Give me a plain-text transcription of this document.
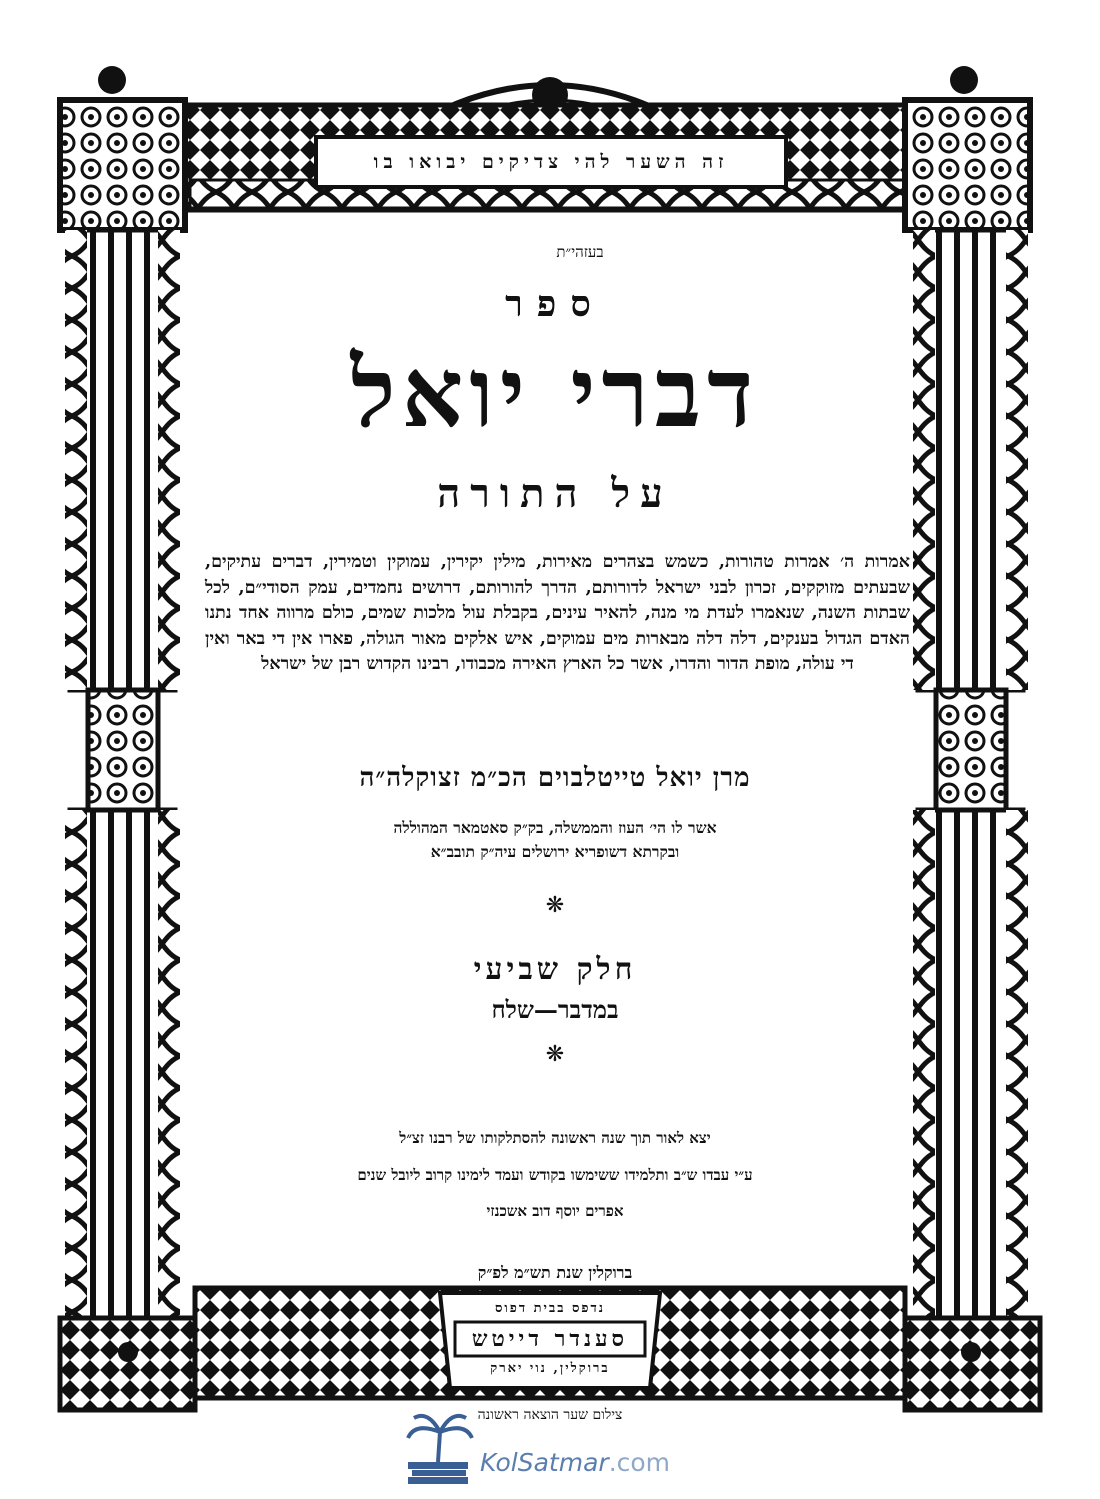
זה השער להי צדיקים יבואו בו
בעזהי״ת
ספר
דברי יואל
על התורה
אמרות ה׳ אמרות טהורות, כשמש בצהרים מאירות, מילין יקירין, עמוקין וטמירין, דברים עתיקים, שבעתים מזוקקים, זכרון לבני ישראל לדורותם, הדרך להורותם, דרושים נחמדים, עמק הסודי״ם, לכל שבתות השנה, שנאמרו לעדת מי מנה, להאיר עינים, בקבלת עול מלכות שמים, כולם מרווה אחד נתנו האדם הגדול בענקים, דלה דלה מבארות מים עמוקים, איש אלקים מאור הגולה, פארו אין די באר ואין די עולה, מופת הדור והדרו, אשר כל הארץ האירה מכבודו, רבינו הקדוש רבן של ישראל
מרן יואל טייטלבוים הכ״מ זצוקלה״ה
אשר לו הי׳ העוז והממשלה, בק״ק סאטמאר המהוללה
ובקרתא דשופריא ירושלים עיה״ק תובב״א
❋
חלק שביעי
במדבר—שלח
❋
יצא לאור תוך שנה ראשונה להסתלקותו של רבנו זצ״ל
ע״י עבדו ש״ב ותלמידו ששימשו בקודש ועמד לימינו קרוב ליובל שנים
אפרים יוסף דוב אשכנזי
ברוקלין שנת תש״מ לפ״ק
נדפס בבית דפוס
סענדר דייטש
ברוקלין, נוי יארק
צילום שער הוצאה ראשונה
KolSatmar.com
